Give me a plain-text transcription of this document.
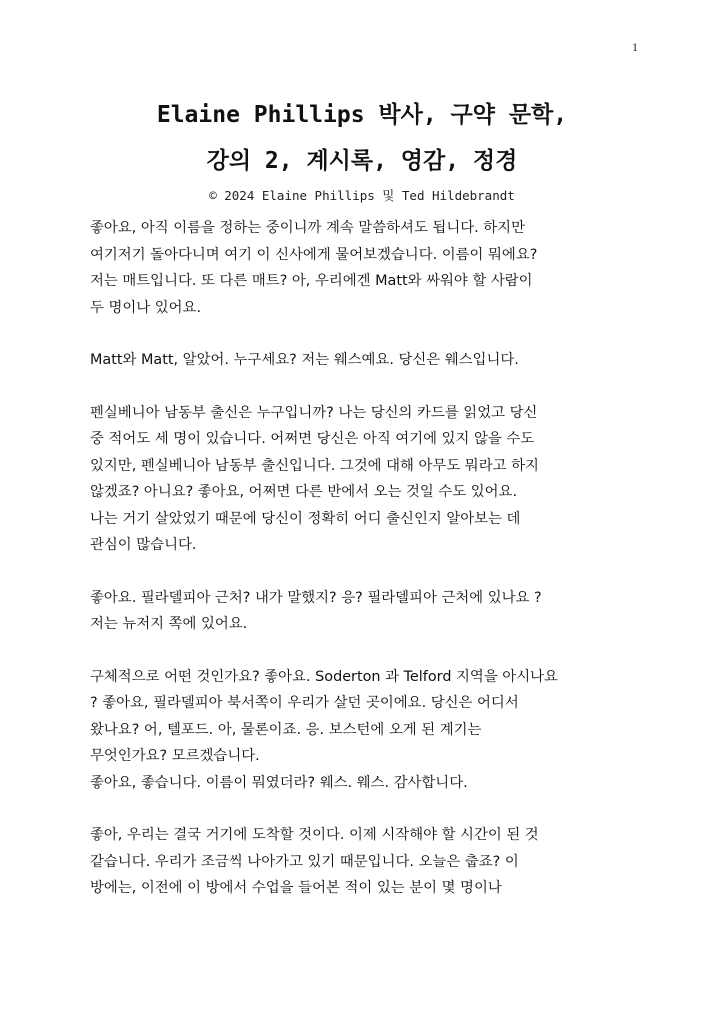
1
Elaine Phillips 박사, 구약 문학,
강의 2, 계시록, 영감, 정경
© 2024 Elaine Phillips 및 Ted Hildebrandt

좋아요, 아직 이름을 정하는 중이니까 계속 말씀하셔도 됩니다. 하지만
여기저기 돌아다니며 여기 이 신사에게 물어보겠습니다. 이름이 뭐에요?
저는 매트입니다. 또 다른 매트? 아, 우리에겐 Matt와 싸워야 할 사람이
두 명이나 있어요.

Matt와 Matt, 알았어. 누구세요? 저는 웨스예요. 당신은 웨스입니다.

펜실베니아 남동부 출신은 누구입니까? 나는 당신의 카드를 읽었고 당신
중 적어도 세 명이 있습니다. 어쩌면 당신은 아직 여기에 있지 않을 수도
있지만, 펜실베니아 남동부 출신입니다. 그것에 대해 아무도 뭐라고 하지
않겠죠? 아니요? 좋아요, 어쩌면 다른 반에서 오는 것일 수도 있어요.
나는 거기 살았었기 때문에 당신이 정확히 어디 출신인지 알아보는 데
관심이 많습니다.

좋아요. 필라델피아 근처? 내가 말했지? 응? 필라델피아 근처에 있나요 ?
저는 뉴저지 쪽에 있어요.

구체적으로 어떤 것인가요? 좋아요. Soderton 과 Telford 지역을 아시나요
? 좋아요, 필라델피아 북서쪽이 우리가 살던 곳이에요. 당신은 어디서
왔나요? 어, 텔포드. 아, 물론이죠. 응. 보스턴에 오게 된 계기는
무엇인가요? 모르겠습니다.
좋아요, 좋습니다. 이름이 뭐였더라? 웨스. 웨스. 감사합니다.

좋아, 우리는 결국 거기에 도착할 것이다. 이제 시작해야 할 시간이 된 것
같습니다. 우리가 조금씩 나아가고 있기 때문입니다. 오늘은 춥죠? 이
방에는, 이전에 이 방에서 수업을 들어본 적이 있는 분이 몇 명이나
